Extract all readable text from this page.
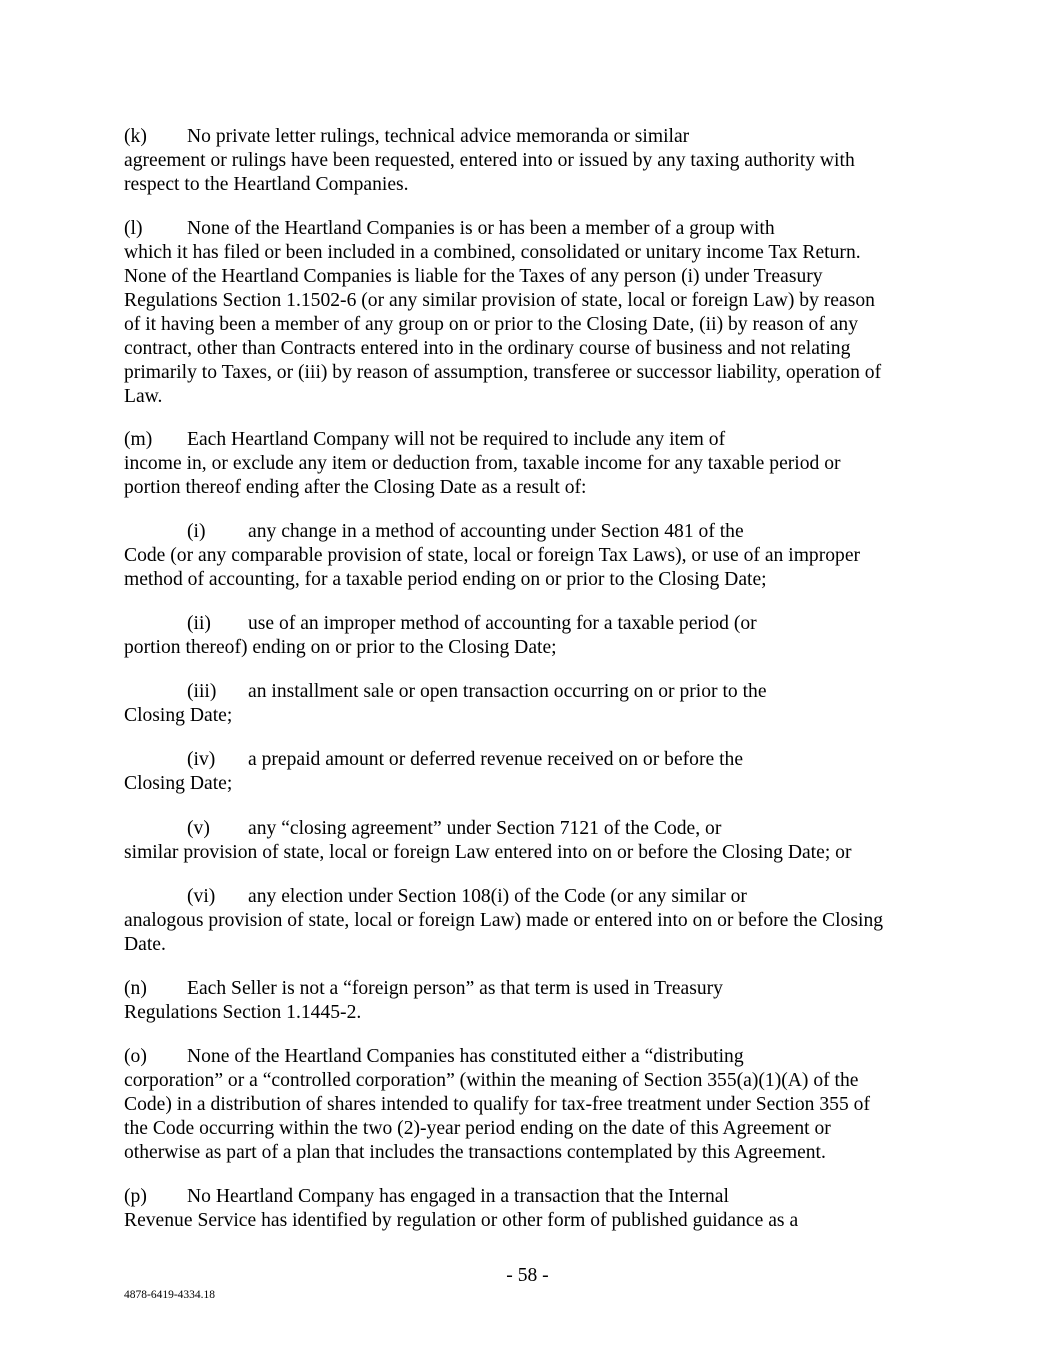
(k) No private letter rulings, technical advice memoranda or similar
agreement or rulings have been requested, entered into or issued by any taxing authority with
respect to the Heartland Companies.
(l) None of the Heartland Companies is or has been a member of a group with
which it has filed or been included in a combined, consolidated or unitary income Tax Return.
None of the Heartland Companies is liable for the Taxes of any person (i) under Treasury
Regulations Section 1.1502-6 (or any similar provision of state, local or foreign Law) by reason
of it having been a member of any group on or prior to the Closing Date, (ii) by reason of any
contract, other than Contracts entered into in the ordinary course of business and not relating
primarily to Taxes, or (iii) by reason of assumption, transferee or successor liability, operation of
Law.
(m) Each Heartland Company will not be required to include any item of
income in, or exclude any item or deduction from, taxable income for any taxable period or
portion thereof ending after the Closing Date as a result of:
(i) any change in a method of accounting under Section 481 of the
Code (or any comparable provision of state, local or foreign Tax Laws), or use of an improper
method of accounting, for a taxable period ending on or prior to the Closing Date;
(ii) use of an improper method of accounting for a taxable period (or
portion thereof) ending on or prior to the Closing Date;
(iii) an installment sale or open transaction occurring on or prior to the
Closing Date;
(iv) a prepaid amount or deferred revenue received on or before the
Closing Date;
(v) any “closing agreement” under Section 7121 of the Code, or
similar provision of state, local or foreign Law entered into on or before the Closing Date; or
(vi) any election under Section 108(i) of the Code (or any similar or
analogous provision of state, local or foreign Law) made or entered into on or before the Closing
Date.
(n) Each Seller is not a “foreign person” as that term is used in Treasury
Regulations Section 1.1445-2.
(o) None of the Heartland Companies has constituted either a “distributing
corporation” or a “controlled corporation” (within the meaning of Section 355(a)(1)(A) of the
Code) in a distribution of shares intended to qualify for tax-free treatment under Section 355 of
the Code occurring within the two (2)-year period ending on the date of this Agreement or
otherwise as part of a plan that includes the transactions contemplated by this Agreement.
(p) No Heartland Company has engaged in a transaction that the Internal
Revenue Service has identified by regulation or other form of published guidance as a
- 58 -
4878-6419-4334.18
